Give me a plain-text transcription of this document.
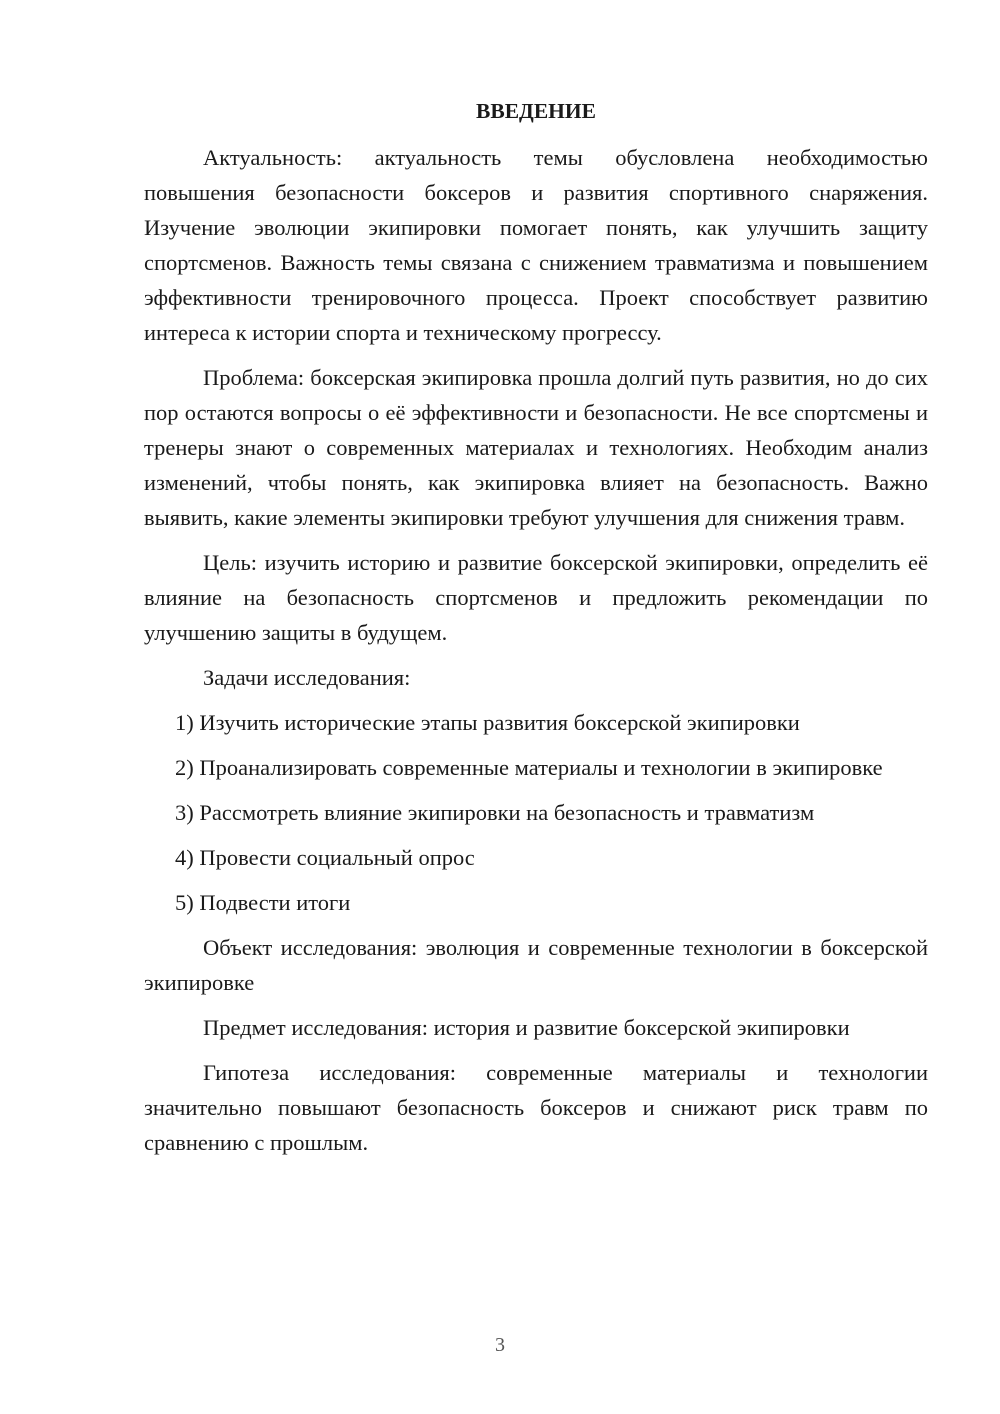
ВВЕДЕНИЕ

Актуальность: актуальность темы обусловлена необходимостью повышения безопасности боксеров и развития спортивного снаряжения. Изучение эволюции экипировки помогает понять, как улучшить защиту спортсменов. Важность темы связана с снижением травматизма и повышением эффективности тренировочного процесса. Проект способствует развитию интереса к истории спорта и техническому прогрессу.

Проблема: боксерская экипировка прошла долгий путь развития, но до сих пор остаются вопросы о её эффективности и безопасности. Не все спортсмены и тренеры знают о современных материалах и технологиях. Необходим анализ изменений, чтобы понять, как экипировка влияет на безопасность. Важно выявить, какие элементы экипировки требуют улучшения для снижения травм.

Цель: изучить историю и развитие боксерской экипировки, определить её влияние на безопасность спортсменов и предложить рекомендации по улучшению защиты в будущем.

Задачи исследования:

1) Изучить исторические этапы развития боксерской экипировки

2) Проанализировать современные материалы и технологии в экипировке

3) Рассмотреть влияние экипировки на безопасность и травматизм

4) Провести социальный опрос

5) Подвести итоги

Объект исследования: эволюция и современные технологии в боксерской экипировке

Предмет исследования: история и развитие боксерской экипировки

Гипотеза исследования: современные материалы и технологии значительно повышают безопасность боксеров и снижают риск травм по сравнению с прошлым.

3
